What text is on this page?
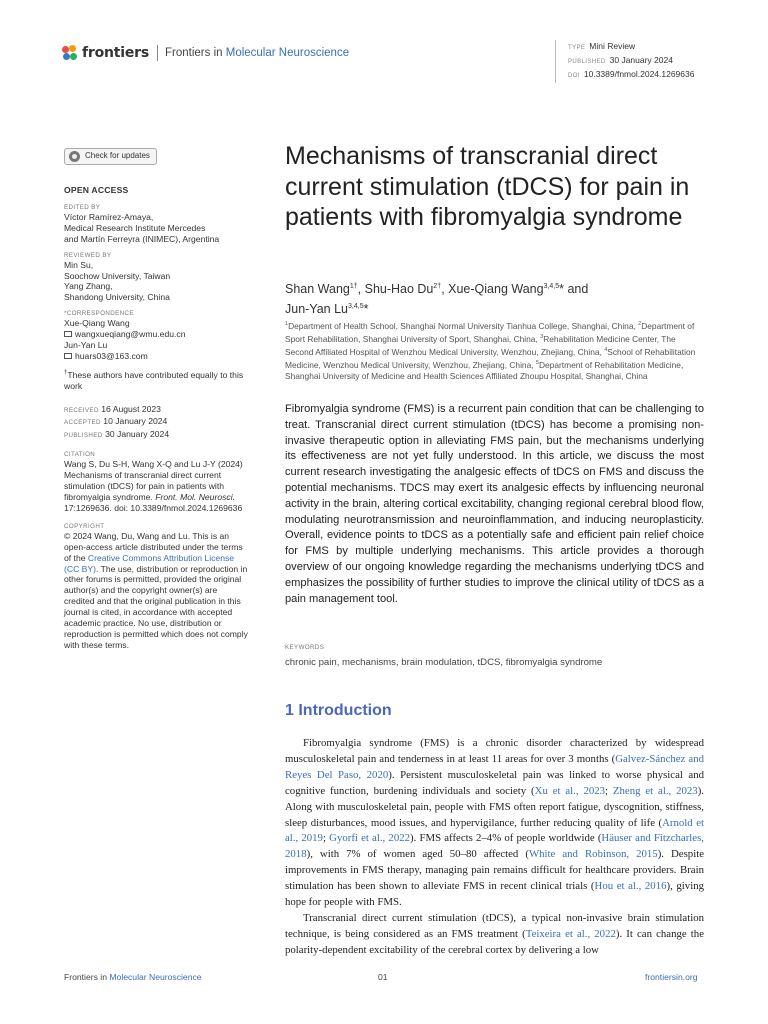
frontiers Frontiers in Molecular Neuroscience	TYPE Mini Review
PUBLISHED 30 January 2024
DOI 10.3389/fnmol.2024.1269636
Check for updates
OPEN ACCESS
EDITED BY
Víctor Ramírez-Amaya,
Medical Research Institute Mercedes
and Martín Ferreyra (INIMEC), Argentina
REVIEWED BY
Min Su,
Soochow University, Taiwan
Yang Zhang,
Shandong University, China
*CORRESPONDENCE
Xue-Qiang Wang
wangxueqiang@wmu.edu.cn
Jun-Yan Lu
huars03@163.com
†These authors have contributed equally to this work
RECEIVED 16 August 2023
ACCEPTED 10 January 2024
PUBLISHED 30 January 2024
CITATION
Wang S, Du S-H, Wang X-Q and Lu J-Y (2024) Mechanisms of transcranial direct current stimulation (tDCS) for pain in patients with fibromyalgia syndrome. Front. Mol. Neurosci. 17:1269636. doi: 10.3389/fnmol.2024.1269636
COPYRIGHT
© 2024 Wang, Du, Wang and Lu. This is an open-access article distributed under the terms of the Creative Commons Attribution License (CC BY). The use, distribution or reproduction in other forums is permitted, provided the original author(s) and the copyright owner(s) are credited and that the original publication in this journal is cited, in accordance with accepted academic practice. No use, distribution or reproduction is permitted which does not comply with these terms.
Mechanisms of transcranial direct current stimulation (tDCS) for pain in patients with fibromyalgia syndrome
Shan Wang$^{1\dagger}$, Shu-Hao $Du^{2\dagger}$, Xue-Qiang Wang$^{3,4,5}$* and
Jun-Yan Lu$^{3,4,5}$*
$^1$Department of Health School, Shanghai Normal University Tianhua College, Shanghai, China, $^2$Department of Sport Rehabilitation, Shanghai University of Sport, Shanghai, China, $^3$Rehabilitation Medicine Center, The Second Affiliated Hospital of Wenzhou Medical University, Wenzhou, Zhejiang, China, $^4$School of Rehabilitation Medicine, Wenzhou Medical University, Wenzhou, Zhejiang, China, $^5$Department of Rehabilitation Medicine, Shanghai University of Medicine and Health Sciences Affiliated Zhoupu Hospital, Shanghai, China

Fibromyalgia syndrome (FMS) is a recurrent pain condition that can be challenging to treat. Transcranial direct current stimulation (tDCS) has become a promising non-invasive therapeutic option in alleviating FMS pain, but the mechanisms underlying its effectiveness are not yet fully understood. In this article, we discuss the most current research investigating the analgesic effects of tDCS on FMS and discuss the potential mechanisms. TDCS may exert its analgesic effects by influencing neuronal activity in the brain, altering cortical excitability, changing regional cerebral blood flow, modulating neurotransmission and neuroinflammation, and inducing neuroplasticity. Overall, evidence points to tDCS as a potentially safe and efficient pain relief choice for FMS by multiple underlying mechanisms. This article provides a thorough overview of our ongoing knowledge regarding the mechanisms underlying tDCS and emphasizes the possibility of further studies to improve the clinical utility of tDCS as a pain management tool.

KEYWORDS
chronic pain, mechanisms, brain modulation, tDCS, fibromyalgia syndrome
1 Introduction

Fibromyalgia syndrome (FMS) is a chronic disorder characterized by widespread musculoskeletal pain and tenderness in at least 11 areas for over 3 months (Galvez-Sánchez and Reyes Del Paso, 2020). Persistent musculoskeletal pain was linked to worse physical and cognitive function, burdening individuals and society (Xu et al., 2023; Zheng et al., 2023). Along with musculoskeletal pain, people with FMS often report fatigue, dyscognition, stiffness, sleep disturbances, mood issues, and hypervigilance, further reducing quality of life (Arnold et al., 2019; Gyorfi et al., 2022). FMS affects 2–4% of people worldwide (Häuser and Fitzcharles, 2018), with 7% of women aged 50–80 affected (White and Robinson, 2015). Despite improvements in FMS therapy, managing pain remains difficult for healthcare providers. Brain stimulation has been shown to alleviate FMS in recent clinical trials (Hou et al., 2016), giving hope for people with FMS.

Transcranial direct current stimulation (tDCS), a typical non-invasive brain stimulation technique, is being considered as an FMS treatment (Teixeira et al., 2022). It can change the polarity-dependent excitability of the cerebral cortex by delivering a low

Frontiers in Molecular Neuroscience	01	frontiersin.org
